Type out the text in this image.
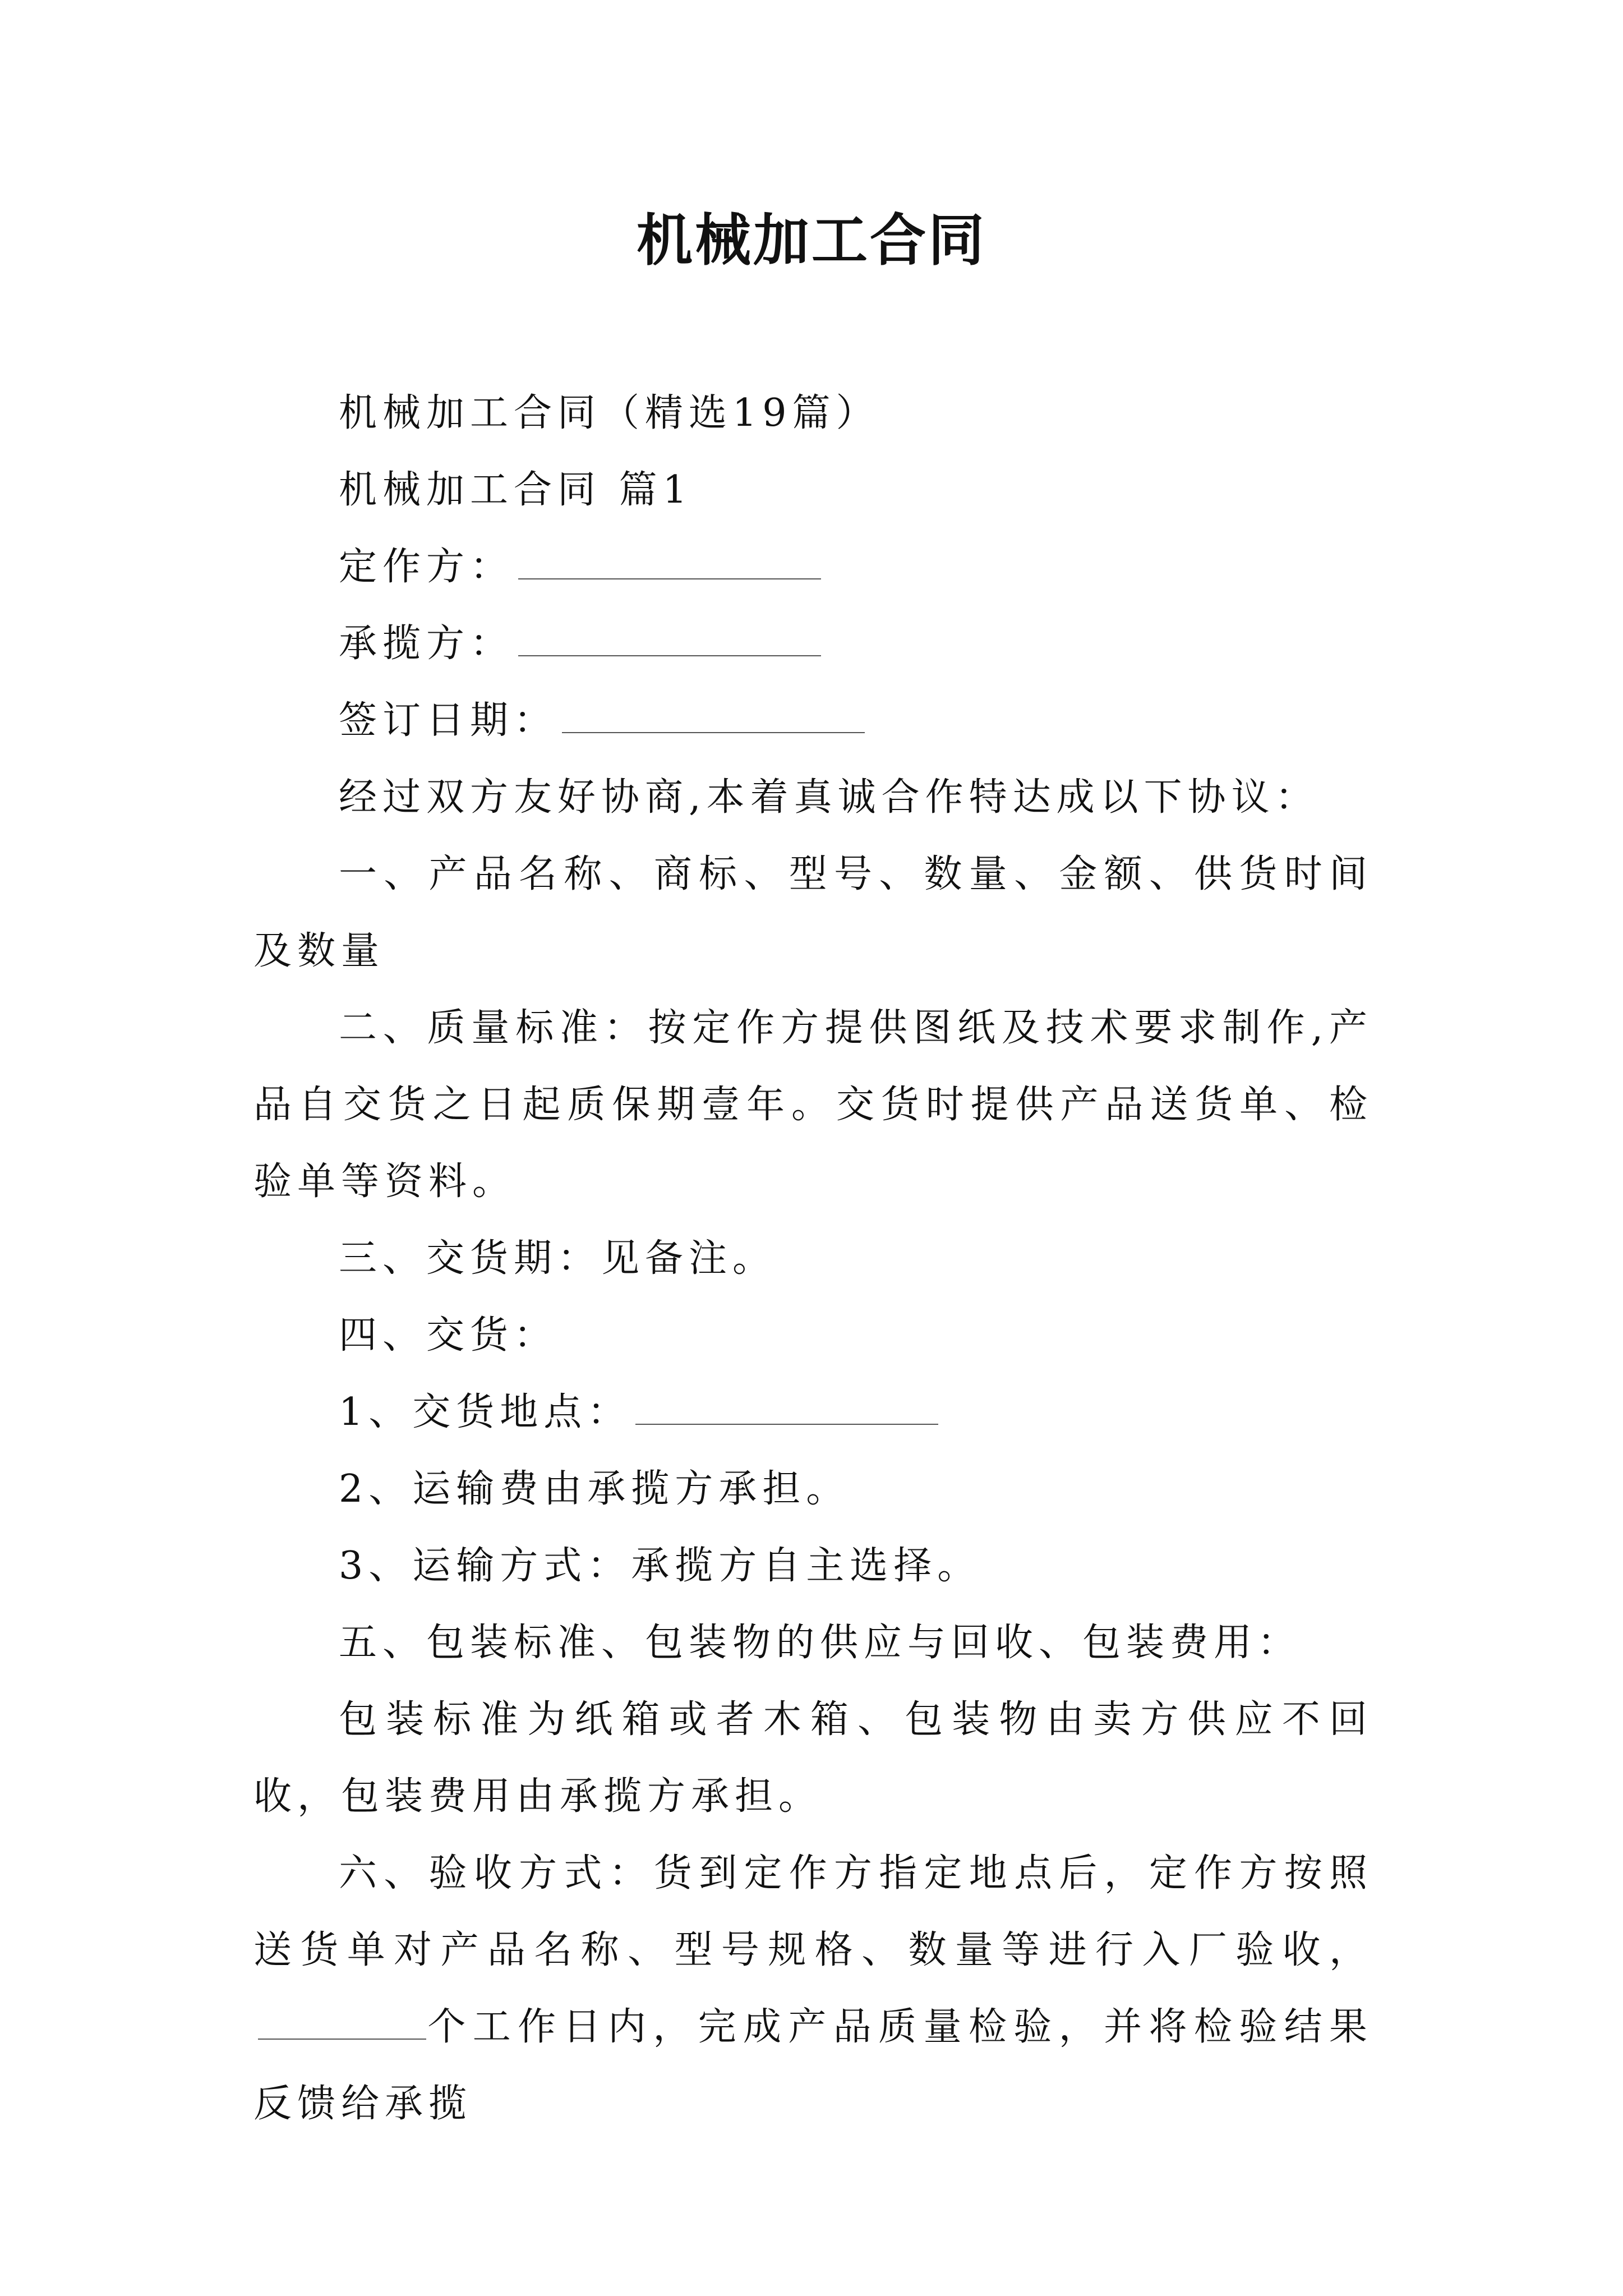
机械加工合同

机械加工合同（精选19篇）

机械加工合同 篇1

定作方：

承揽方：

签订日期：

经过双方友好协商,本着真诚合作特达成以下协议：

一、产品名称、商标、型号、数量、金额、供货时间及数量

二、质量标准：按定作方提供图纸及技术要求制作,产品自交货之日起质保期壹年。交货时提供产品送货单、检验单等资料。

三、交货期：见备注。

四、交货：

1、交货地点：

2、运输费由承揽方承担。

3、运输方式：承揽方自主选择。

五、包装标准、包装物的供应与回收、包装费用：

包装标准为纸箱或者木箱、包装物由卖方供应不回收，包装费用由承揽方承担。

六、验收方式：货到定作方指定地点后，定作方按照送货单对产品名称、型号规格、数量等进行入厂验收，个工作日内，完成产品质量检验，并将检验结果反馈给承揽
